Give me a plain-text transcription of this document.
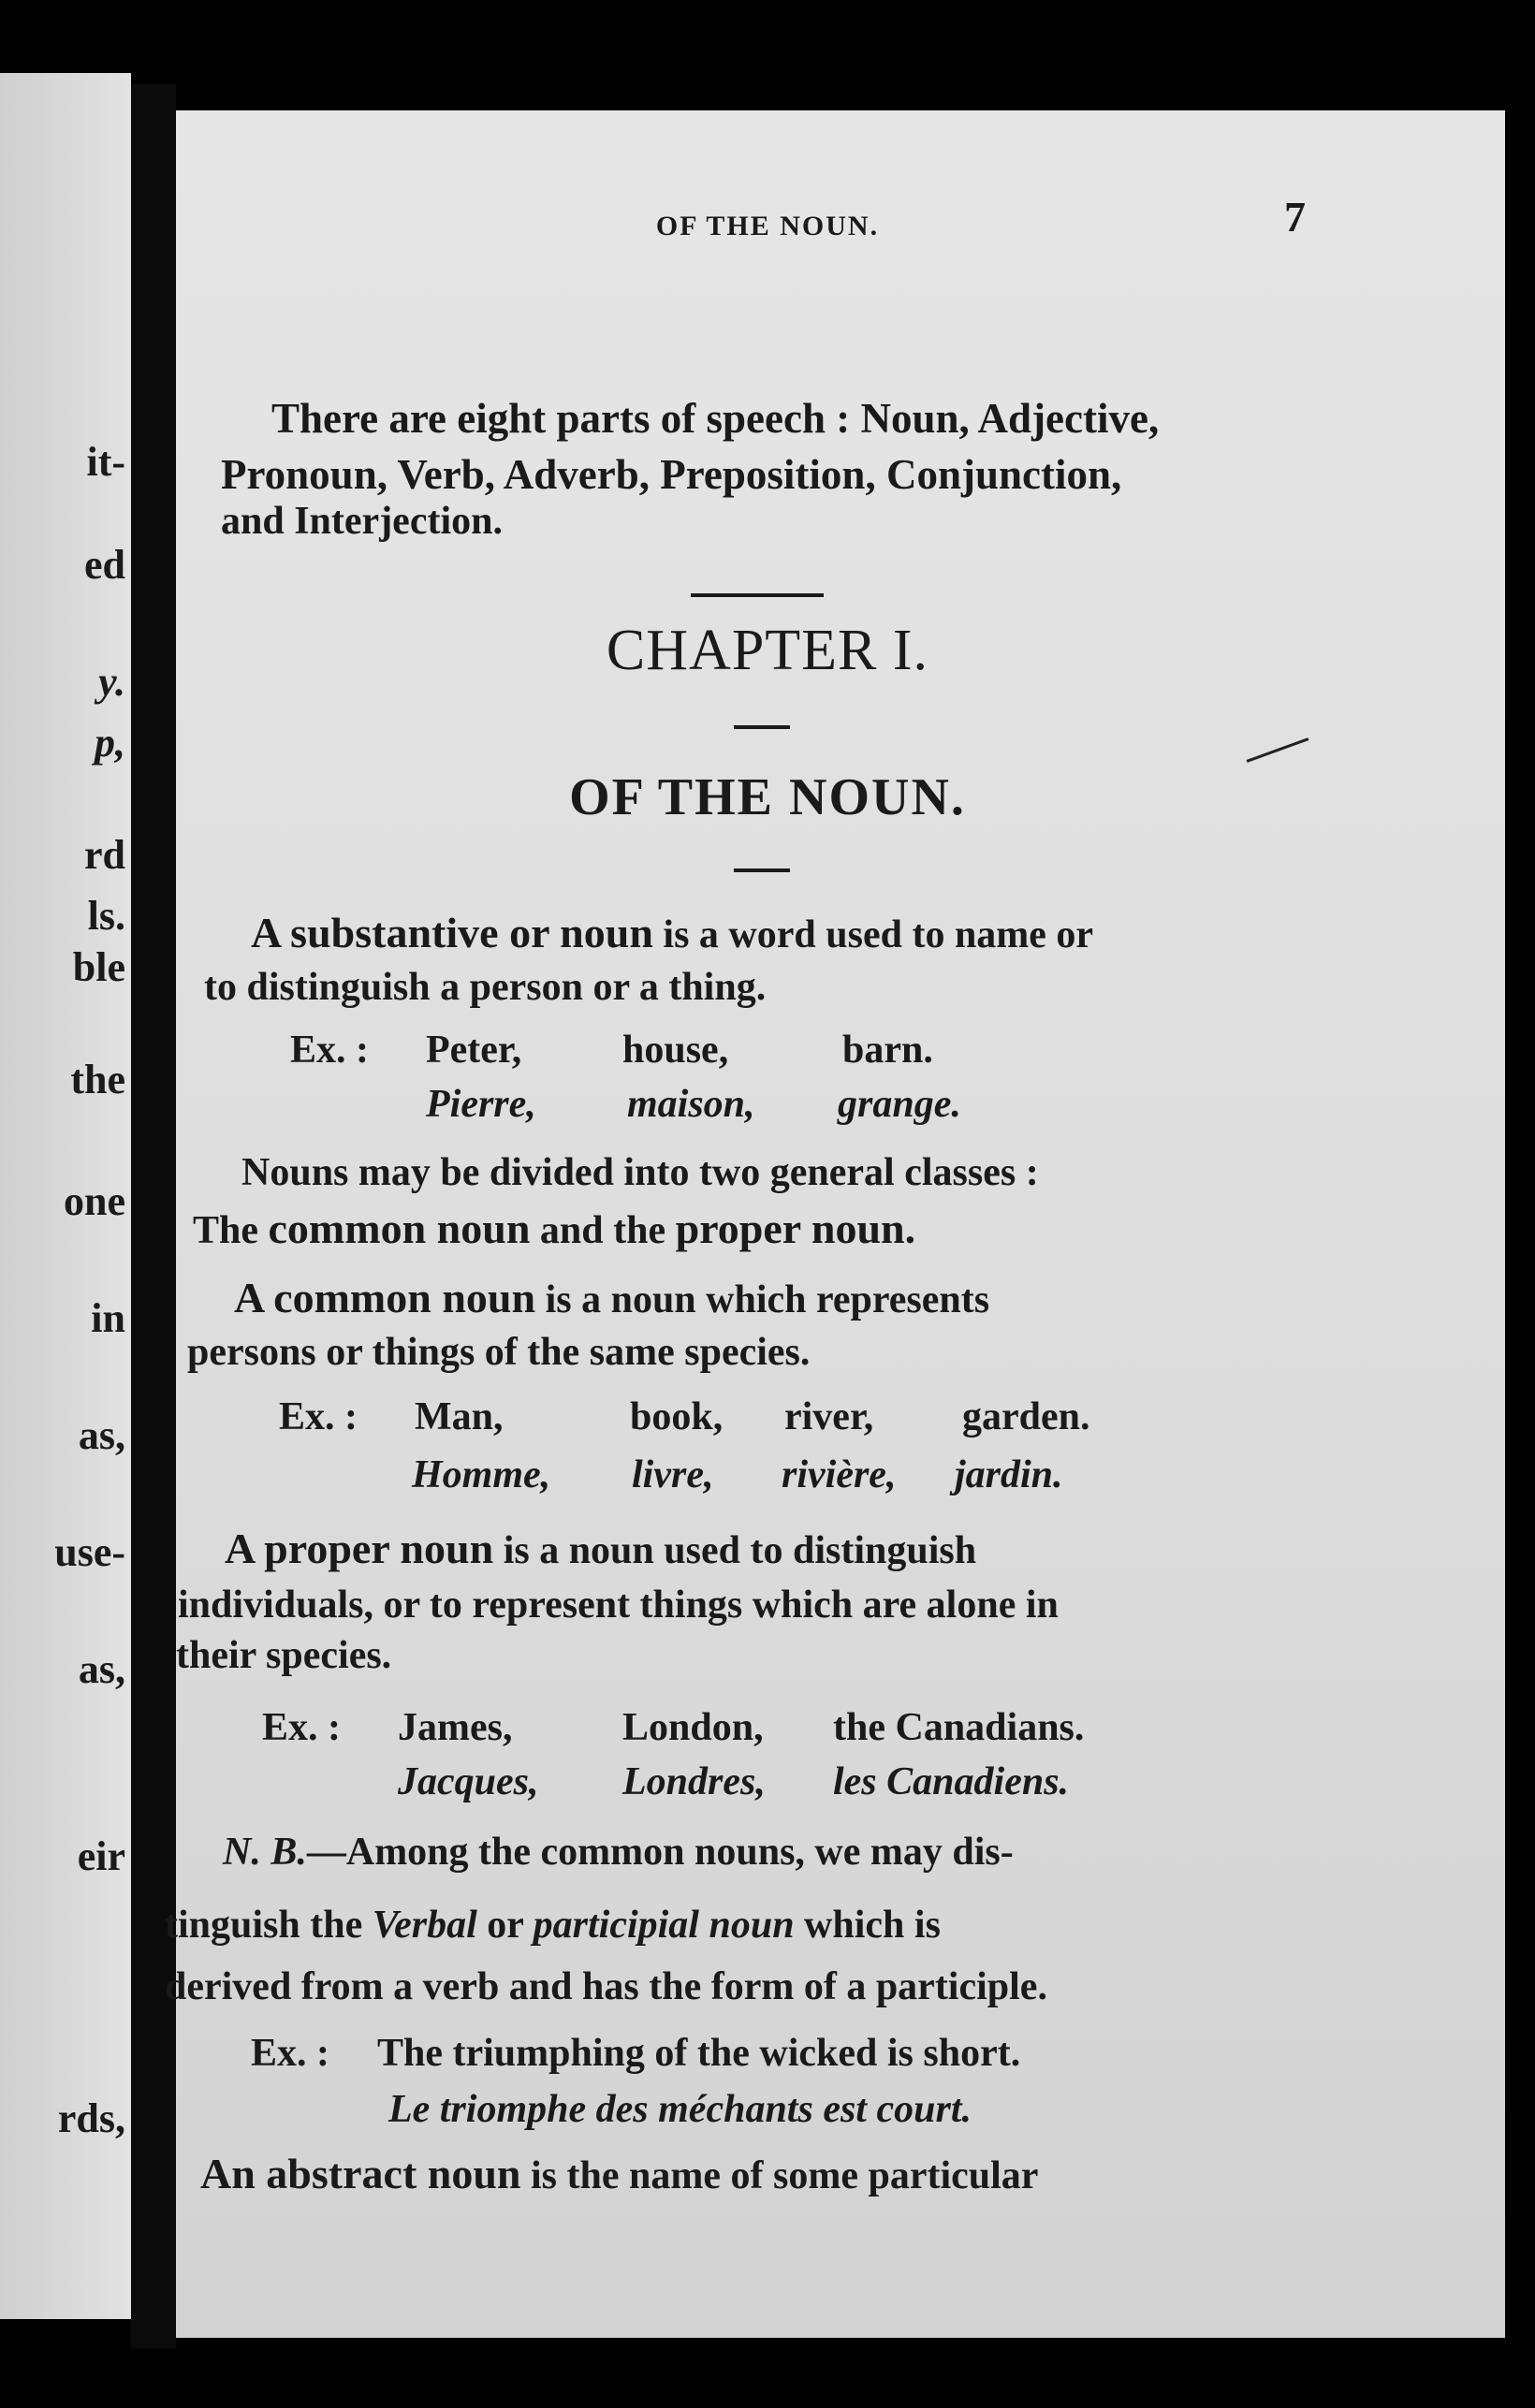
it-
ed
y.
p,
rd
ls.
ble
the
one
in
as,
use-
as,
eir
rds,
OF THE NOUN.	7
There are eight parts of speech : Noun, Adjective,
Pronoun, Verb, Adverb, Preposition, Conjunction,
and Interjection.
CHAPTER I.
OF THE NOUN.
A substantive or noun is a word used to name or
to distinguish a person or a thing.
Ex. : Peter,	house,	barn.
Pierre, maison, grange.
Nouns may be divided into two general classes :
The common noun and the proper noun.
A common noun is a noun which represents
persons or things of the same species.
Ex. : Man,	book, river, garden.
Homme, livre, rivière, jardin.
A proper noun is a noun used to distinguish
individuals, or to represent things which are alone in
their species.
Ex. : James,	London, the Canadians.
Jacques, Londres, les Canadiens.
N. B.—Among the common nouns, we may dis-
tinguish the Verbal or participial noun which is
derived from a verb and has the form of a participle.
Ex. : The triumphing of the wicked is short.
Le triomphe des méchants est court.
An abstract noun is the name of some particular
